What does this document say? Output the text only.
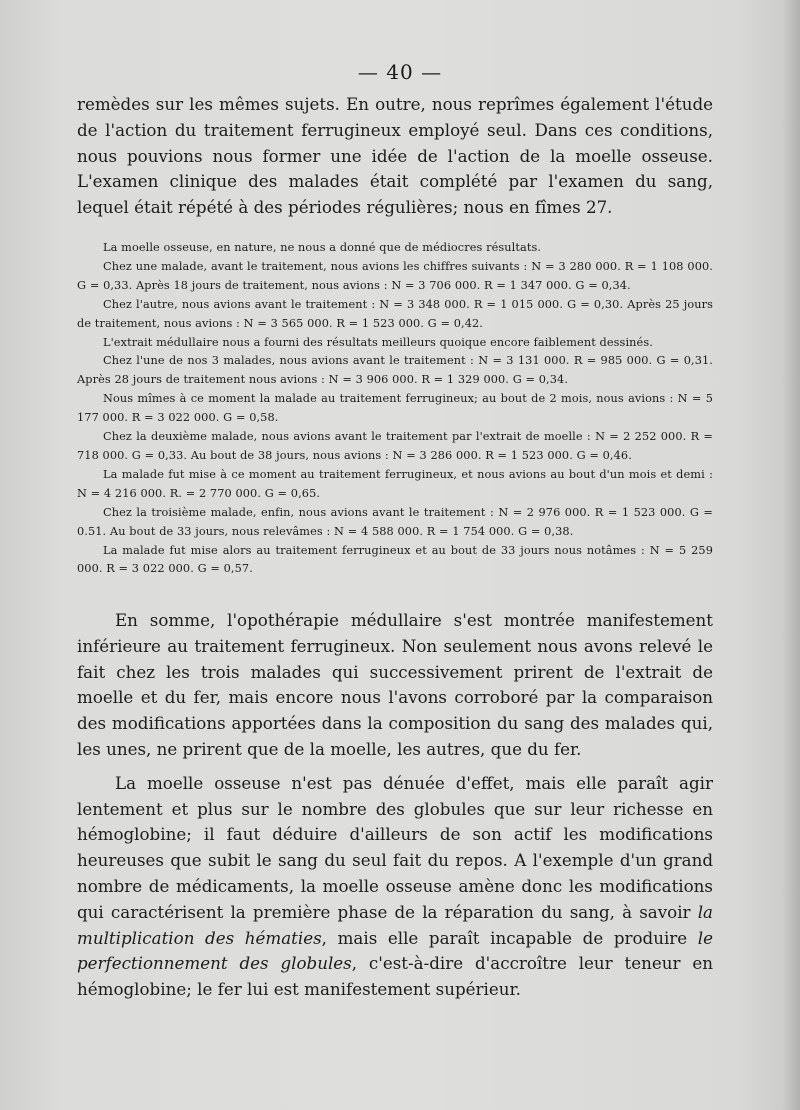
— 40 —

remèdes sur les mêmes sujets. En outre, nous reprîmes également l'étude de l'action du traitement ferrugineux employé seul. Dans ces conditions, nous pouvions nous former une idée de l'action de la moelle osseuse. L'examen clinique des malades était complété par l'examen du sang, lequel était répété à des périodes régulières; nous en fîmes 27.

La moelle osseuse, en nature, ne nous a donné que de médiocres résultats.

Chez une malade, avant le traitement, nous avions les chiffres suivants : N = 3 280 000. R = 1 108 000. G = 0,33. Après 18 jours de traitement, nous avions : N = 3 706 000. R = 1 347 000. G = 0,34.

Chez l'autre, nous avions avant le traitement : N = 3 348 000. R = 1 015 000. G = 0,30. Après 25 jours de traitement, nous avions : N = 3 565 000. R = 1 523 000. G = 0,42.

L'extrait médullaire nous a fourni des résultats meilleurs quoique encore faiblement dessinés.

Chez l'une de nos 3 malades, nous avions avant le traitement : N = 3 131 000. R = 985 000. G = 0,31. Après 28 jours de traitement nous avions : N = 3 906 000. R = 1 329 000. G = 0,34.

Nous mîmes à ce moment la malade au traitement ferrugineux; au bout de 2 mois, nous avions : N = 5 177 000. R = 3 022 000. G = 0,58.

Chez la deuxième malade, nous avions avant le traitement par l'extrait de moelle : N = 2 252 000. R = 718 000. G = 0,33. Au bout de 38 jours, nous avions : N = 3 286 000. R = 1 523 000. G = 0,46.

La malade fut mise à ce moment au traitement ferrugineux, et nous avions au bout d'un mois et demi : N = 4 216 000. R. = 2 770 000. G = 0,65.

Chez la troisième malade, enfin, nous avions avant le traitement : N = 2 976 000. R = 1 523 000. G = 0.51. Au bout de 33 jours, nous relevâmes : N = 4 588 000. R = 1 754 000. G = 0,38.

La malade fut mise alors au traitement ferrugineux et au bout de 33 jours nous notâmes : N = 5 259 000. R = 3 022 000. G = 0,57.

En somme, l'opothérapie médullaire s'est montrée manifestement inférieure au traitement ferrugineux. Non seulement nous avons relevé le fait chez les trois malades qui successivement prirent de l'extrait de moelle et du fer, mais encore nous l'avons corroboré par la comparaison des modifications apportées dans la composition du sang des malades qui, les unes, ne prirent que de la moelle, les autres, que du fer.

La moelle osseuse n'est pas dénuée d'effet, mais elle paraît agir lentement et plus sur le nombre des globules que sur leur richesse en hémoglobine; il faut déduire d'ailleurs de son actif les modifications heureuses que subit le sang du seul fait du repos. A l'exemple d'un grand nombre de médicaments, la moelle osseuse amène donc les modifications qui caractérisent la première phase de la réparation du sang, à savoir la multiplication des hématies, mais elle paraît incapable de produire le perfectionnement des globules, c'est-à-dire d'accroître leur teneur en hémoglobine; le fer lui est manifestement supérieur.
